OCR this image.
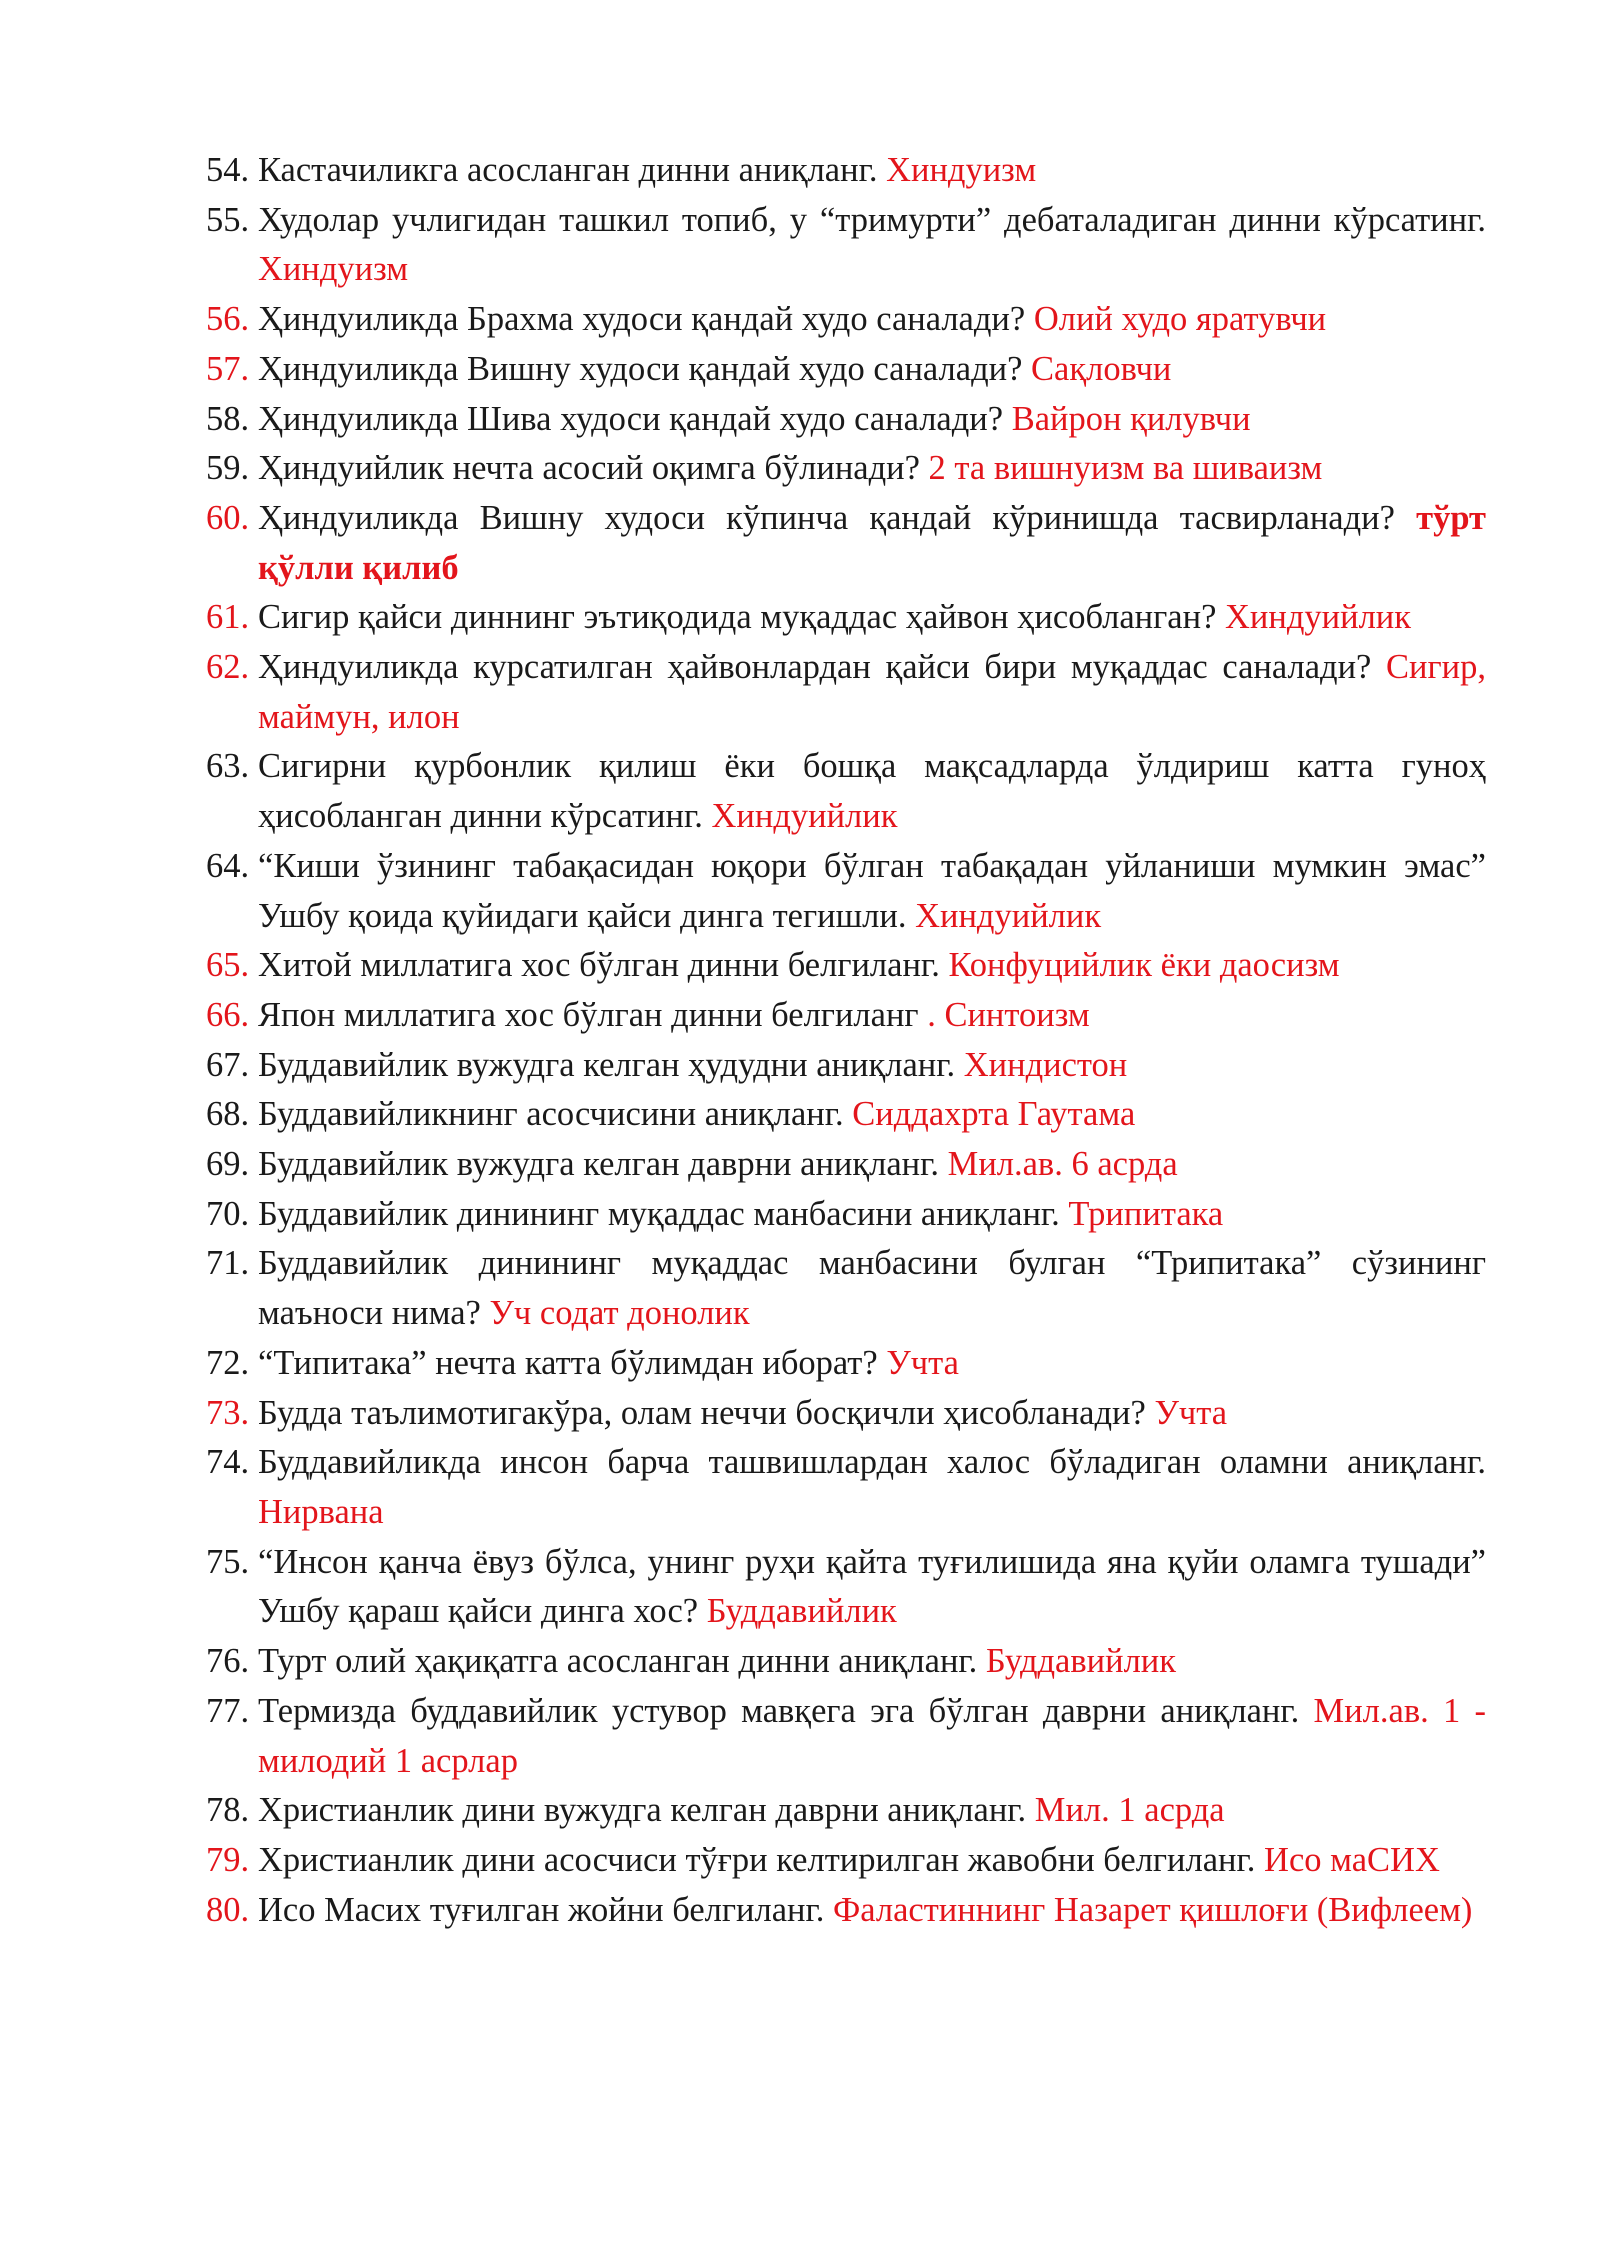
54. Кастачиликга асосланган динни аниқланг. Хиндуизм
55. Худолар учлигидан ташкил топиб, у “тримурти” дебаталадиган динни кўрсатинг. Хиндуизм
56. Ҳиндуиликда Брахма худоси қандай худо саналади? Олий худо яратувчи
57. Ҳиндуиликда Вишну худоси қандай худо саналади? Сақловчи
58. Ҳиндуиликда Шива худоси қандай худо саналади? Вайрон қилувчи
59. Ҳиндуийлик нечта асосий оқимга бўлинади? 2 та вишнуизм ва шиваизм
60. Ҳиндуиликда Вишну худоси кўпинча қандай кўринишда тасвирланади? тўрт қўлли қилиб
61. Сигир қайси диннинг эътиқодида муқаддас ҳайвон ҳисобланган? Хиндуийлик
62. Ҳиндуиликда курсатилган ҳайвонлардан қайси бири муқаддас саналади? Сигир, маймун, илон
63. Сигирни қурбонлик қилиш ёки бошқа мақсадларда ўлдириш катта гуноҳ ҳисобланган динни кўрсатинг. Хиндуийлик
64. “Киши ўзининг табақасидан юқори бўлган табақадан уйланиши мумкин эмас” Ушбу қоида қуйидаги қайси динга тегишли. Хиндуийлик
65. Хитой миллатига хос бўлган динни белгиланг. Конфуцийлик ёки даосизм
66. Япон миллатига хос бўлган динни белгиланг . Синтоизм
67. Буддавийлик вужудга келган ҳудудни аниқланг. Хиндистон
68. Буддавийликнинг асосчисини аниқланг. Сиддахрта Гаутама
69. Буддавийлик вужудга келган даврни аниқланг. Мил.ав. 6 асрда
70. Буддавийлик динининг муқаддас манбасини аниқланг. Трипитака
71. Буддавийлик динининг муқаддас манбасини булган “Трипитака” сўзининг маъноси нима? Уч содат донолик
72. “Типитака” нечта катта бўлимдан иборат? Учта
73. Будда таълимотигакўра, олам неччи босқичли ҳисобланади? Учта
74. Буддавийликда инсон барча ташвишлардан халос бўладиган оламни аниқланг. Нирвана
75. “Инсон қанча ёвуз бўлса, унинг руҳи қайта туғилишида яна қуйи оламга тушади” Ушбу қараш қайси динга хос? Буддавийлик
76. Турт олий ҳақиқатга асосланган динни аниқланг. Буддавийлик
77. Термизда буддавийлик устувор мавқега эга бўлган даврни аниқланг. Мил.ав. 1 - милодий 1 асрлар
78. Христианлик дини вужудга келган даврни аниқланг. Мил. 1 асрда
79. Христианлик дини асосчиси тўғри келтирилган жавобни белгиланг. Исо маСИХ
80. Исо Масих туғилган жойни белгиланг. Фаластиннинг Назарет қишлоғи (Вифлеем)
